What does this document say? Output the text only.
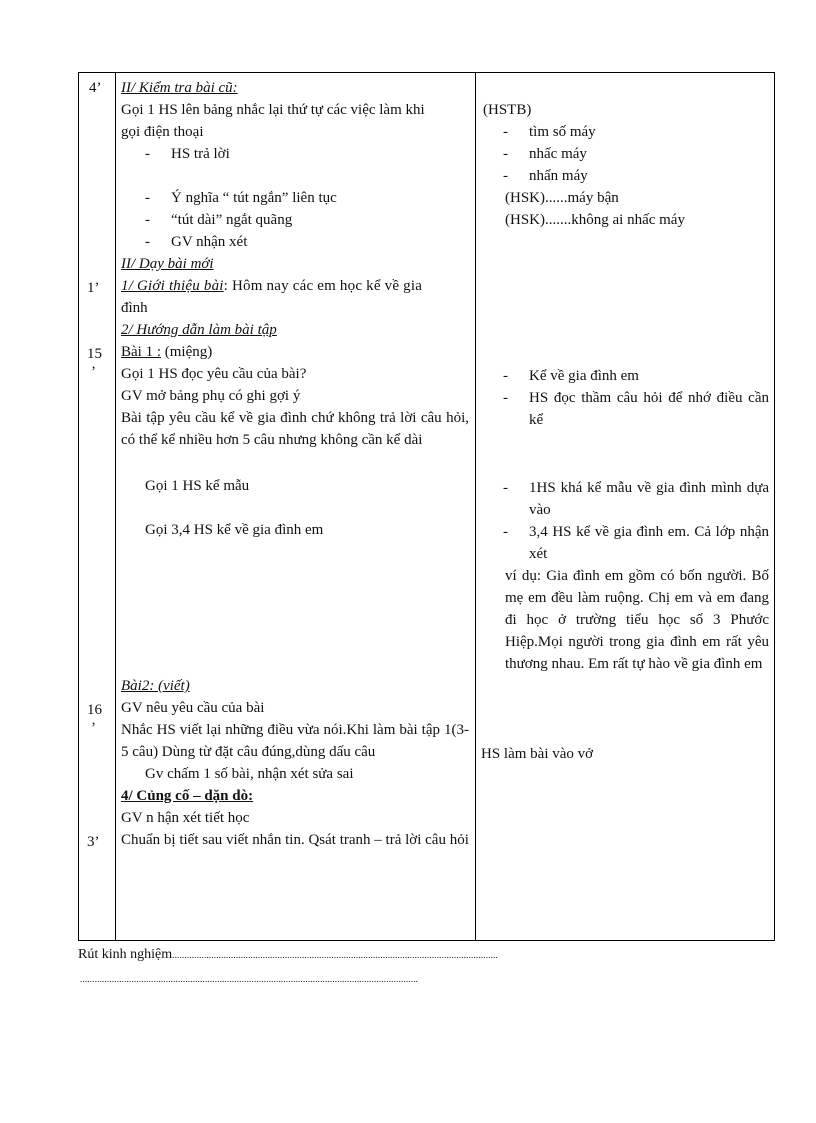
4’
1’
15
’
16
’
3’
II/ Kiểm tra bài cũ:
Gọi 1 HS lên bảng nhắc lại thứ tự các việc làm khi
gọi điện thoại
- HS trả lời
- Ý nghĩa “ tút ngắn” liên tục
- “tút dài” ngắt quãng
- GV nhận xét
II/ Dạy bài mới
1/ Giới thiệu bài: Hôm nay các em học kể về gia
đình
2/ Hướng dẫn làm bài tập
Bài 1 : (miệng)
Gọi 1 HS đọc yêu cầu của bài?
GV mở bảng phụ có ghi gợi ý
Bài tập yêu cầu kể về gia đình chứ không trả lời câu hỏi, có thể kể nhiều hơn 5 câu nhưng không cần kể dài
Gọi 1 HS kể mẫu
Gọi 3,4 HS kể về gia đình em
Bài2: (viết)
GV nêu yêu cầu của bài
Nhắc HS viết lại những điều vừa nói.Khi làm bài tập 1(3-5 câu) Dùng từ đặt câu đúng,dùng dấu câu
Gv chấm 1 số bài, nhận xét sửa sai
4/ Củng cố – dặn dò:
GV n hận xét tiết học
Chuẩn bị tiết sau viết nhắn tin. Qsát tranh – trả lời câu hỏi
(HSTB)
- tìm số máy
- nhấc máy
- nhấn máy
(HSK)......máy bận
(HSK).......không ai nhấc máy
- Kể về gia đình em
- HS đọc thầm câu hỏi để nhớ điều cần kể
- 1HS khá kể mẫu về gia đình mình dựa vào
- 3,4 HS kể về gia đình em. Cả lớp nhận xét
ví dụ: Gia đình em gồm có bốn người. Bố mẹ em đều làm ruộng. Chị em và em đang đi học ở trường tiểu học số 3 Phước Hiệp.Mọi người trong gia đình em rất yêu thương nhau. Em rất tự hào về gia đình em
HS làm bài vào vở
Rút kinh nghiệm.....................................................................................................................................
..........................................................................................................................................
